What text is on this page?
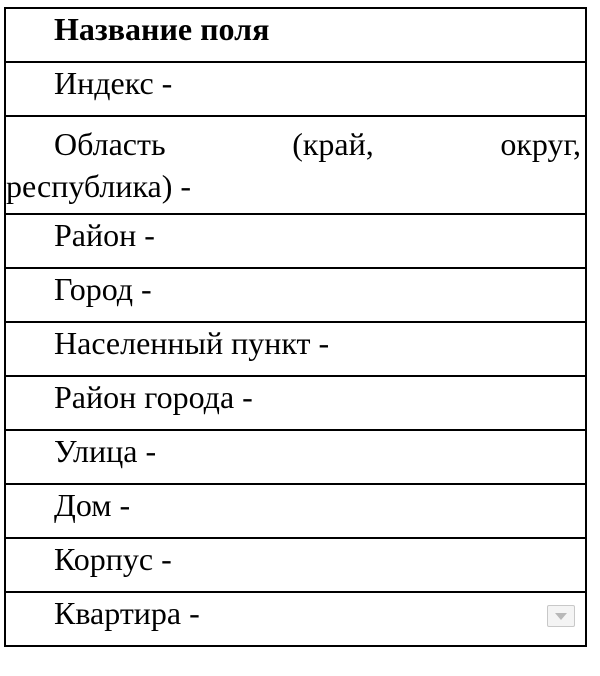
Название поля

Индекс -

Область	(край,	округ,
республика) -

Район -

Город -

Населенный пункт -

Район города -

Улица -

Дом -

Корпус -

Квартира -
